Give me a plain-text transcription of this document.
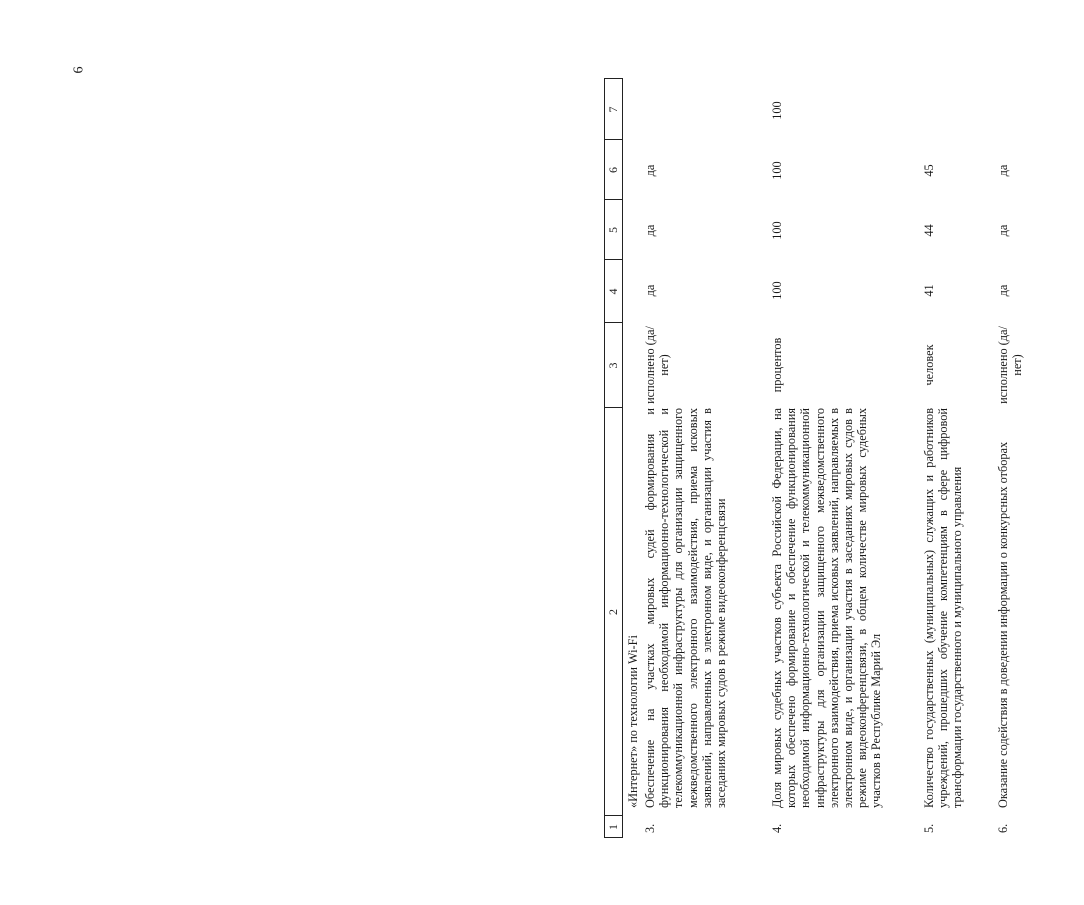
6
1
2
3
4
5
6
7
«Интернет» по технологии Wi-Fi
3.
Обеспечение на участках мировых судей формирования и функционирования необходимой информационно-технологической и телекоммуникационной инфраструктуры для организации защищенного межведомственного электронного взаимодействия, приема исковых заявлений, направленных в электронном виде, и организации участия в заседаниях мировых судов в режиме видеоконференцсвязи
исполнено (да/нет)
да
да
да
4.
Доля мировых судебных участков субъекта Российской Федерации, на которых обеспечено формирование и обеспечение функционирования необходимой информационно-технологической и телекоммуникационной инфраструктуры для организации защищенного межведомственного электронного взаимодействия, приема исковых заявлений, направляемых в электронном виде, и организации участия в заседаниях мировых судов в режиме видеоконференцсвязи, в общем количестве мировых судебных участков в Республике Марий Эл
процентов
100
100
100
100
5.
Количество государственных (муниципальных) служащих и работников учреждений, прошедших обучение компетенциям в сфере цифровой трансформации государственного и муниципального управления
человек
41
44
45
6.
Оказание содействия в доведении информации о конкурсных отборах
исполнено (да/нет)
да
да
да
